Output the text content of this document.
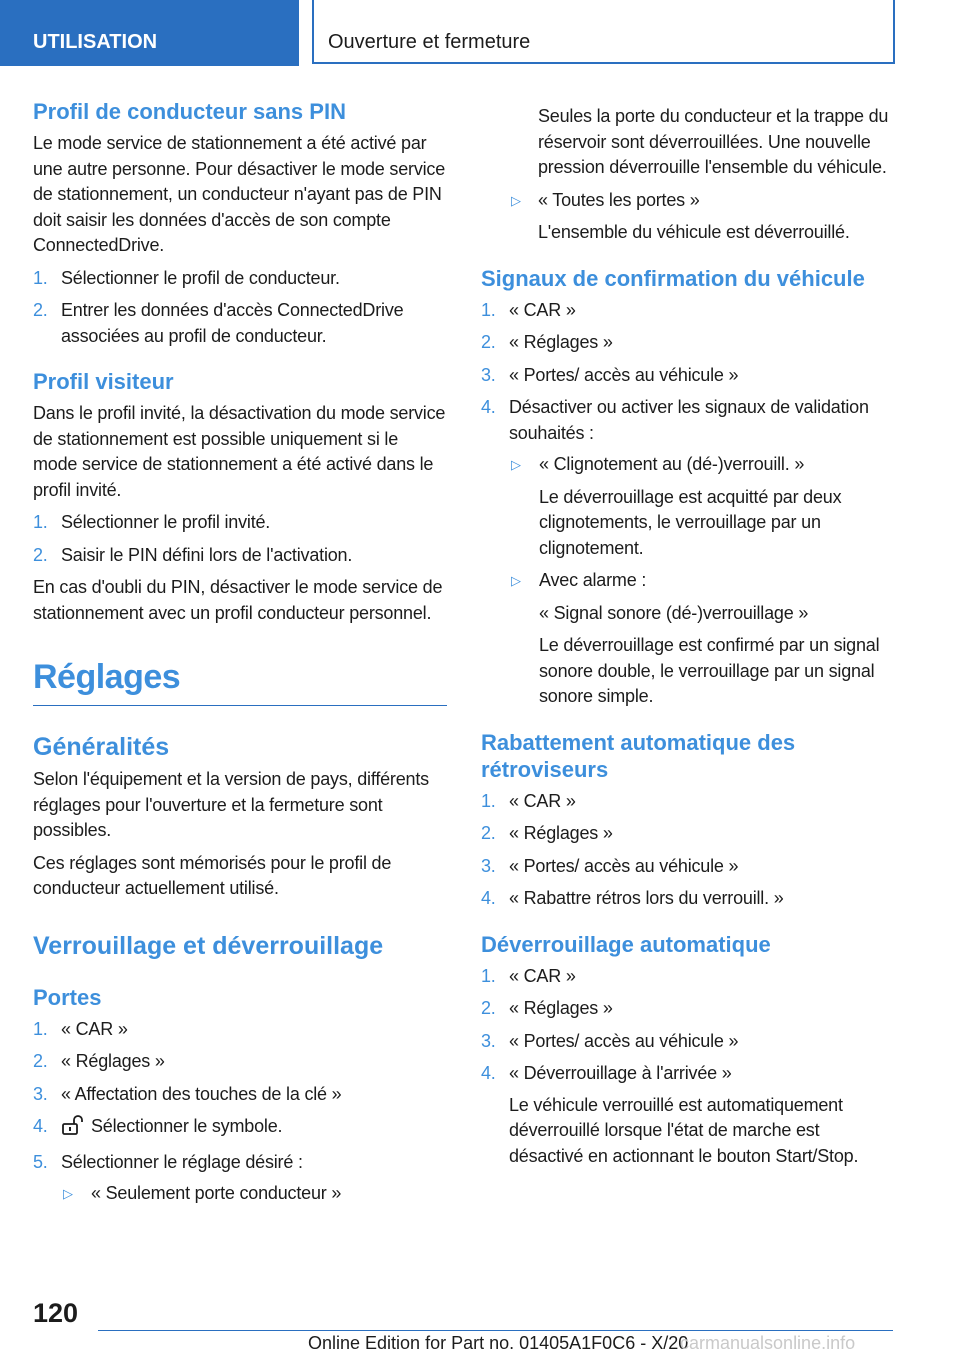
UTILISATION	Ouverture et fermeture
Profil de conducteur sans PIN

Le mode service de stationnement a été activé par une autre personne. Pour désactiver le mode service de stationnement, un conducteur n'ayant pas de PIN doit saisir les données d'accès de son compte ConnectedDrive.

1. Sélectionner le profil de conducteur.
2. Entrer les données d'accès ConnectedDrive associées au profil de conducteur.
Profil visiteur

Dans le profil invité, la désactivation du mode service de stationnement est possible uniquement si le mode service de stationnement a été activé dans le profil invité.

1. Sélectionner le profil invité.
2. Saisir le PIN défini lors de l'activation.

En cas d'oubli du PIN, désactiver le mode service de stationnement avec un profil conducteur personnel.

Réglages
Généralités

Selon l'équipement et la version de pays, différents réglages pour l'ouverture et la fermeture sont possibles.

Ces réglages sont mémorisés pour le profil de conducteur actuellement utilisé.

Verrouillage et déverrouillage
Portes
1. « CAR »
2. « Réglages »
3. « Affectation des touches de la clé »
4. Sélectionner le symbole.
5. Sélectionner le réglage désiré :
▷ « Seulement porte conducteur »

Seules la porte du conducteur et la trappe du réservoir sont déverrouillées. Une nouvelle pression déverrouille l'ensemble du véhicule.

▷ « Toutes les portes »

L'ensemble du véhicule est déverrouillé.

Signaux de confirmation du véhicule
1. « CAR »
2. « Réglages »
3. « Portes/ accès au véhicule »
4. Désactiver ou activer les signaux de validation souhaités :
▷ « Clignotement au (dé-)verrouill. »
Le déverrouillage est acquitté par deux clignotements, le verrouillage par un clignotement.
▷ Avec alarme :
« Signal sonore (dé-)verrouillage »
Le déverrouillage est confirmé par un signal sonore double, le verrouillage par un signal sonore simple.
Rabattement automatique des rétroviseurs
1. « CAR »
2. « Réglages »
3. « Portes/ accès au véhicule »
4. « Rabattre rétros lors du verrouill. »
Déverrouillage automatique
1. « CAR »
2. « Réglages »
3. « Portes/ accès au véhicule »
4. « Déverrouillage à l'arrivée »
Le véhicule verrouillé est automatiquement déverrouillé lorsque l'état de marche est désactivé en actionnant le bouton Start/Stop.
120
Online Edition for Part no. 01405A1F0C6 - X/20
carmanualsonline.info
